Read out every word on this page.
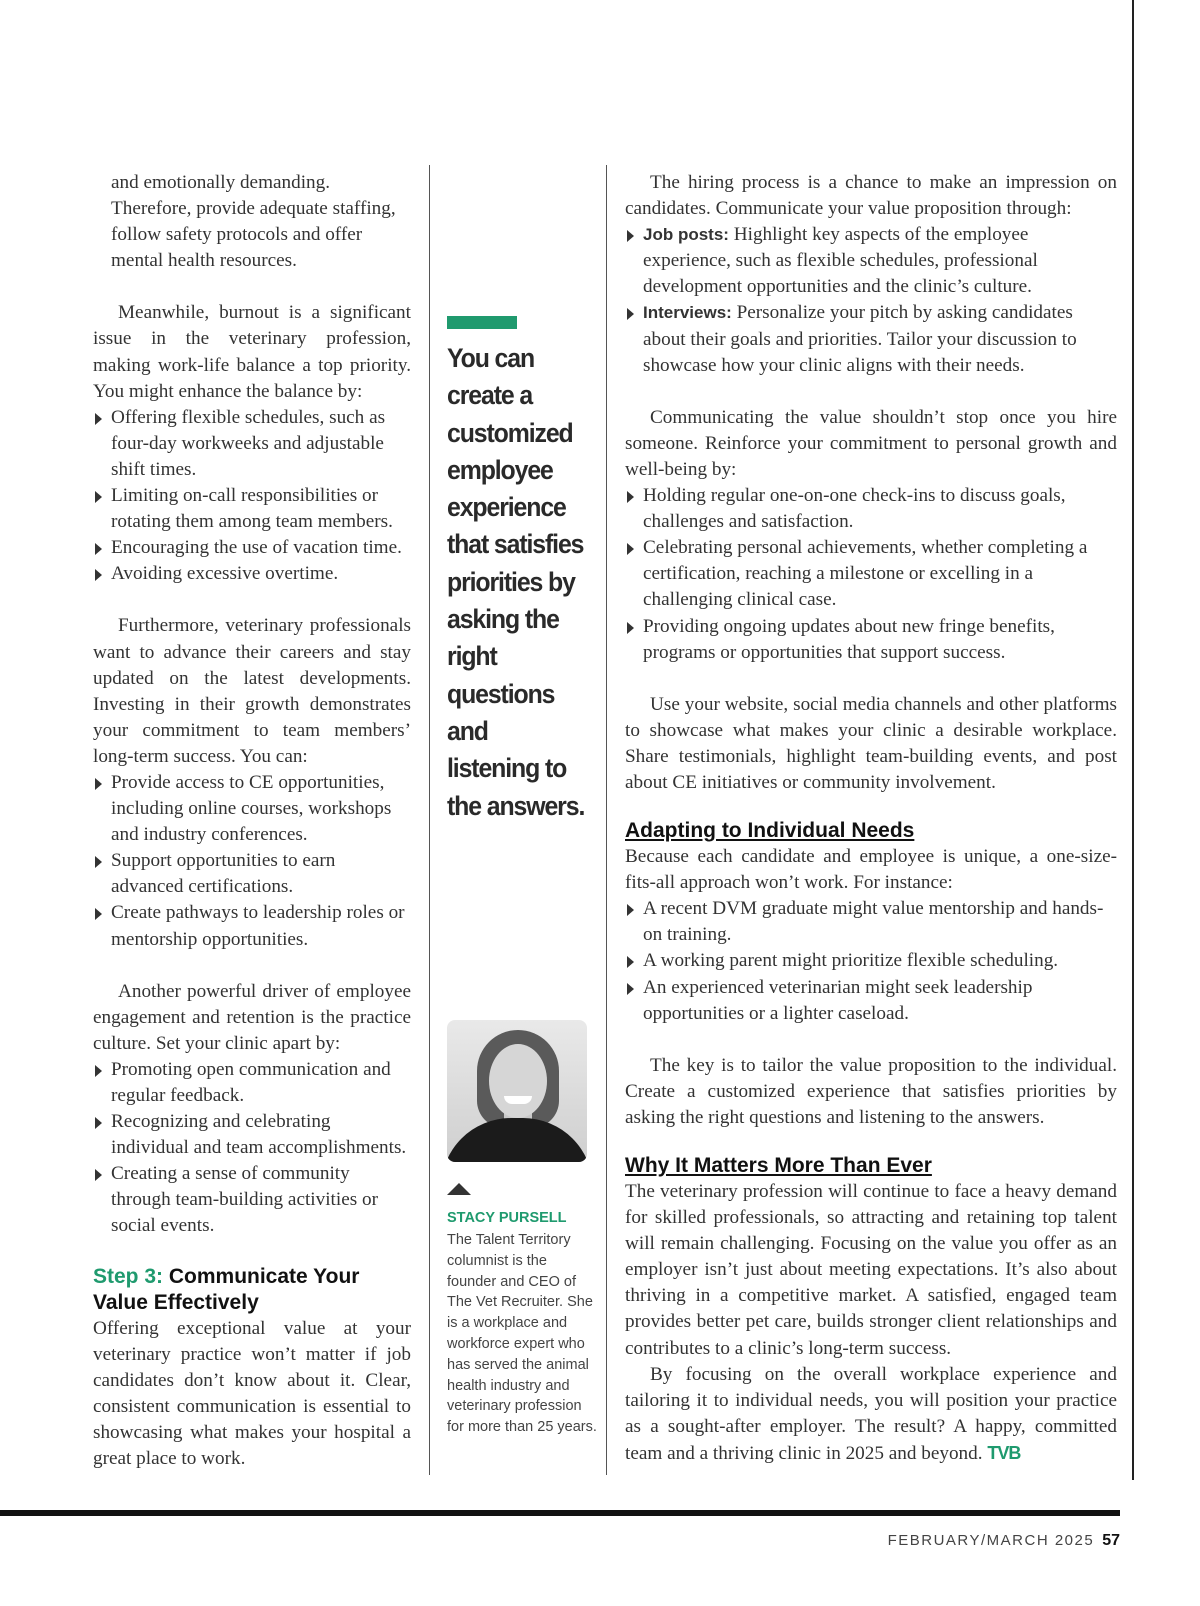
and emotionally demanding. Therefore, provide adequate staffing, follow safety protocols and offer mental health resources.

Meanwhile, burnout is a significant issue in the veterinary profession, making work-life balance a top priority. You might enhance the balance by:

Offering flexible schedules, such as four-day workweeks and adjustable shift times.
Limiting on-call responsibilities or rotating them among team members.
Encouraging the use of vacation time.
Avoiding excessive overtime.

Furthermore, veterinary professionals want to advance their careers and stay updated on the latest developments. Investing in their growth demonstrates your commitment to team members’ long-term success. You can:

Provide access to CE opportunities, including online courses, workshops and industry conferences.
Support opportunities to earn advanced certifications.
Create pathways to leadership roles or mentorship opportunities.

Another powerful driver of employee engagement and retention is the practice culture. Set your clinic apart by:

Promoting open communication and regular feedback.
Recognizing and celebrating individual and team accomplishments.
Creating a sense of community through team-building activities or social events.
Step 3: Communicate Your Value Effectively

Offering exceptional value at your veterinary practice won’t matter if job candidates don’t know about it. Clear, consistent communication is essential to showcasing what makes your hospital a great place to work.

You can create a customized employee experience that satisfies priorities by asking the right questions and listening to the answers.
STACY PURSELL
The Talent Territory columnist is the founder and CEO of The Vet Recruiter. She is a workplace and workforce expert who has served the animal health industry and veterinary profession for more than 25 years.

The hiring process is a chance to make an impression on candidates. Communicate your value proposition through:

Job posts: Highlight key aspects of the employee experience, such as flexible schedules, professional development opportunities and the clinic’s culture.
Interviews: Personalize your pitch by asking candidates about their goals and priorities. Tailor your discussion to showcase how your clinic aligns with their needs.

Communicating the value shouldn’t stop once you hire someone. Reinforce your commitment to personal growth and well-being by:

Holding regular one-on-one check-ins to discuss goals, challenges and satisfaction.
Celebrating personal achievements, whether completing a certification, reaching a milestone or excelling in a challenging clinical case.
Providing ongoing updates about new fringe benefits, programs or opportunities that support success.

Use your website, social media channels and other platforms to showcase what makes your clinic a desirable workplace. Share testimonials, highlight team-building events, and post about CE initiatives or community involvement.

Adapting to Individual Needs

Because each candidate and employee is unique, a one-size-fits-all approach won’t work. For instance:

A recent DVM graduate might value mentorship and hands-on training.
A working parent might prioritize flexible scheduling.
An experienced veterinarian might seek leadership opportunities or a lighter caseload.

The key is to tailor the value proposition to the individual. Create a customized experience that satisfies priorities by asking the right questions and listening to the answers.

Why It Matters More Than Ever

The veterinary profession will continue to face a heavy demand for skilled professionals, so attracting and retaining top talent will remain challenging. Focusing on the value you offer as an employer isn’t just about meeting expectations. It’s also about thriving in a competitive market. A satisfied, engaged team provides better pet care, builds stronger client relationships and contributes to a clinic’s long-term success.

By focusing on the overall workplace experience and tailoring it to individual needs, you will position your practice as a sought-after employer. The result? A happy, committed team and a thriving clinic in 2025 and beyond. TVB

FEBRUARY/MARCH 2025 57
